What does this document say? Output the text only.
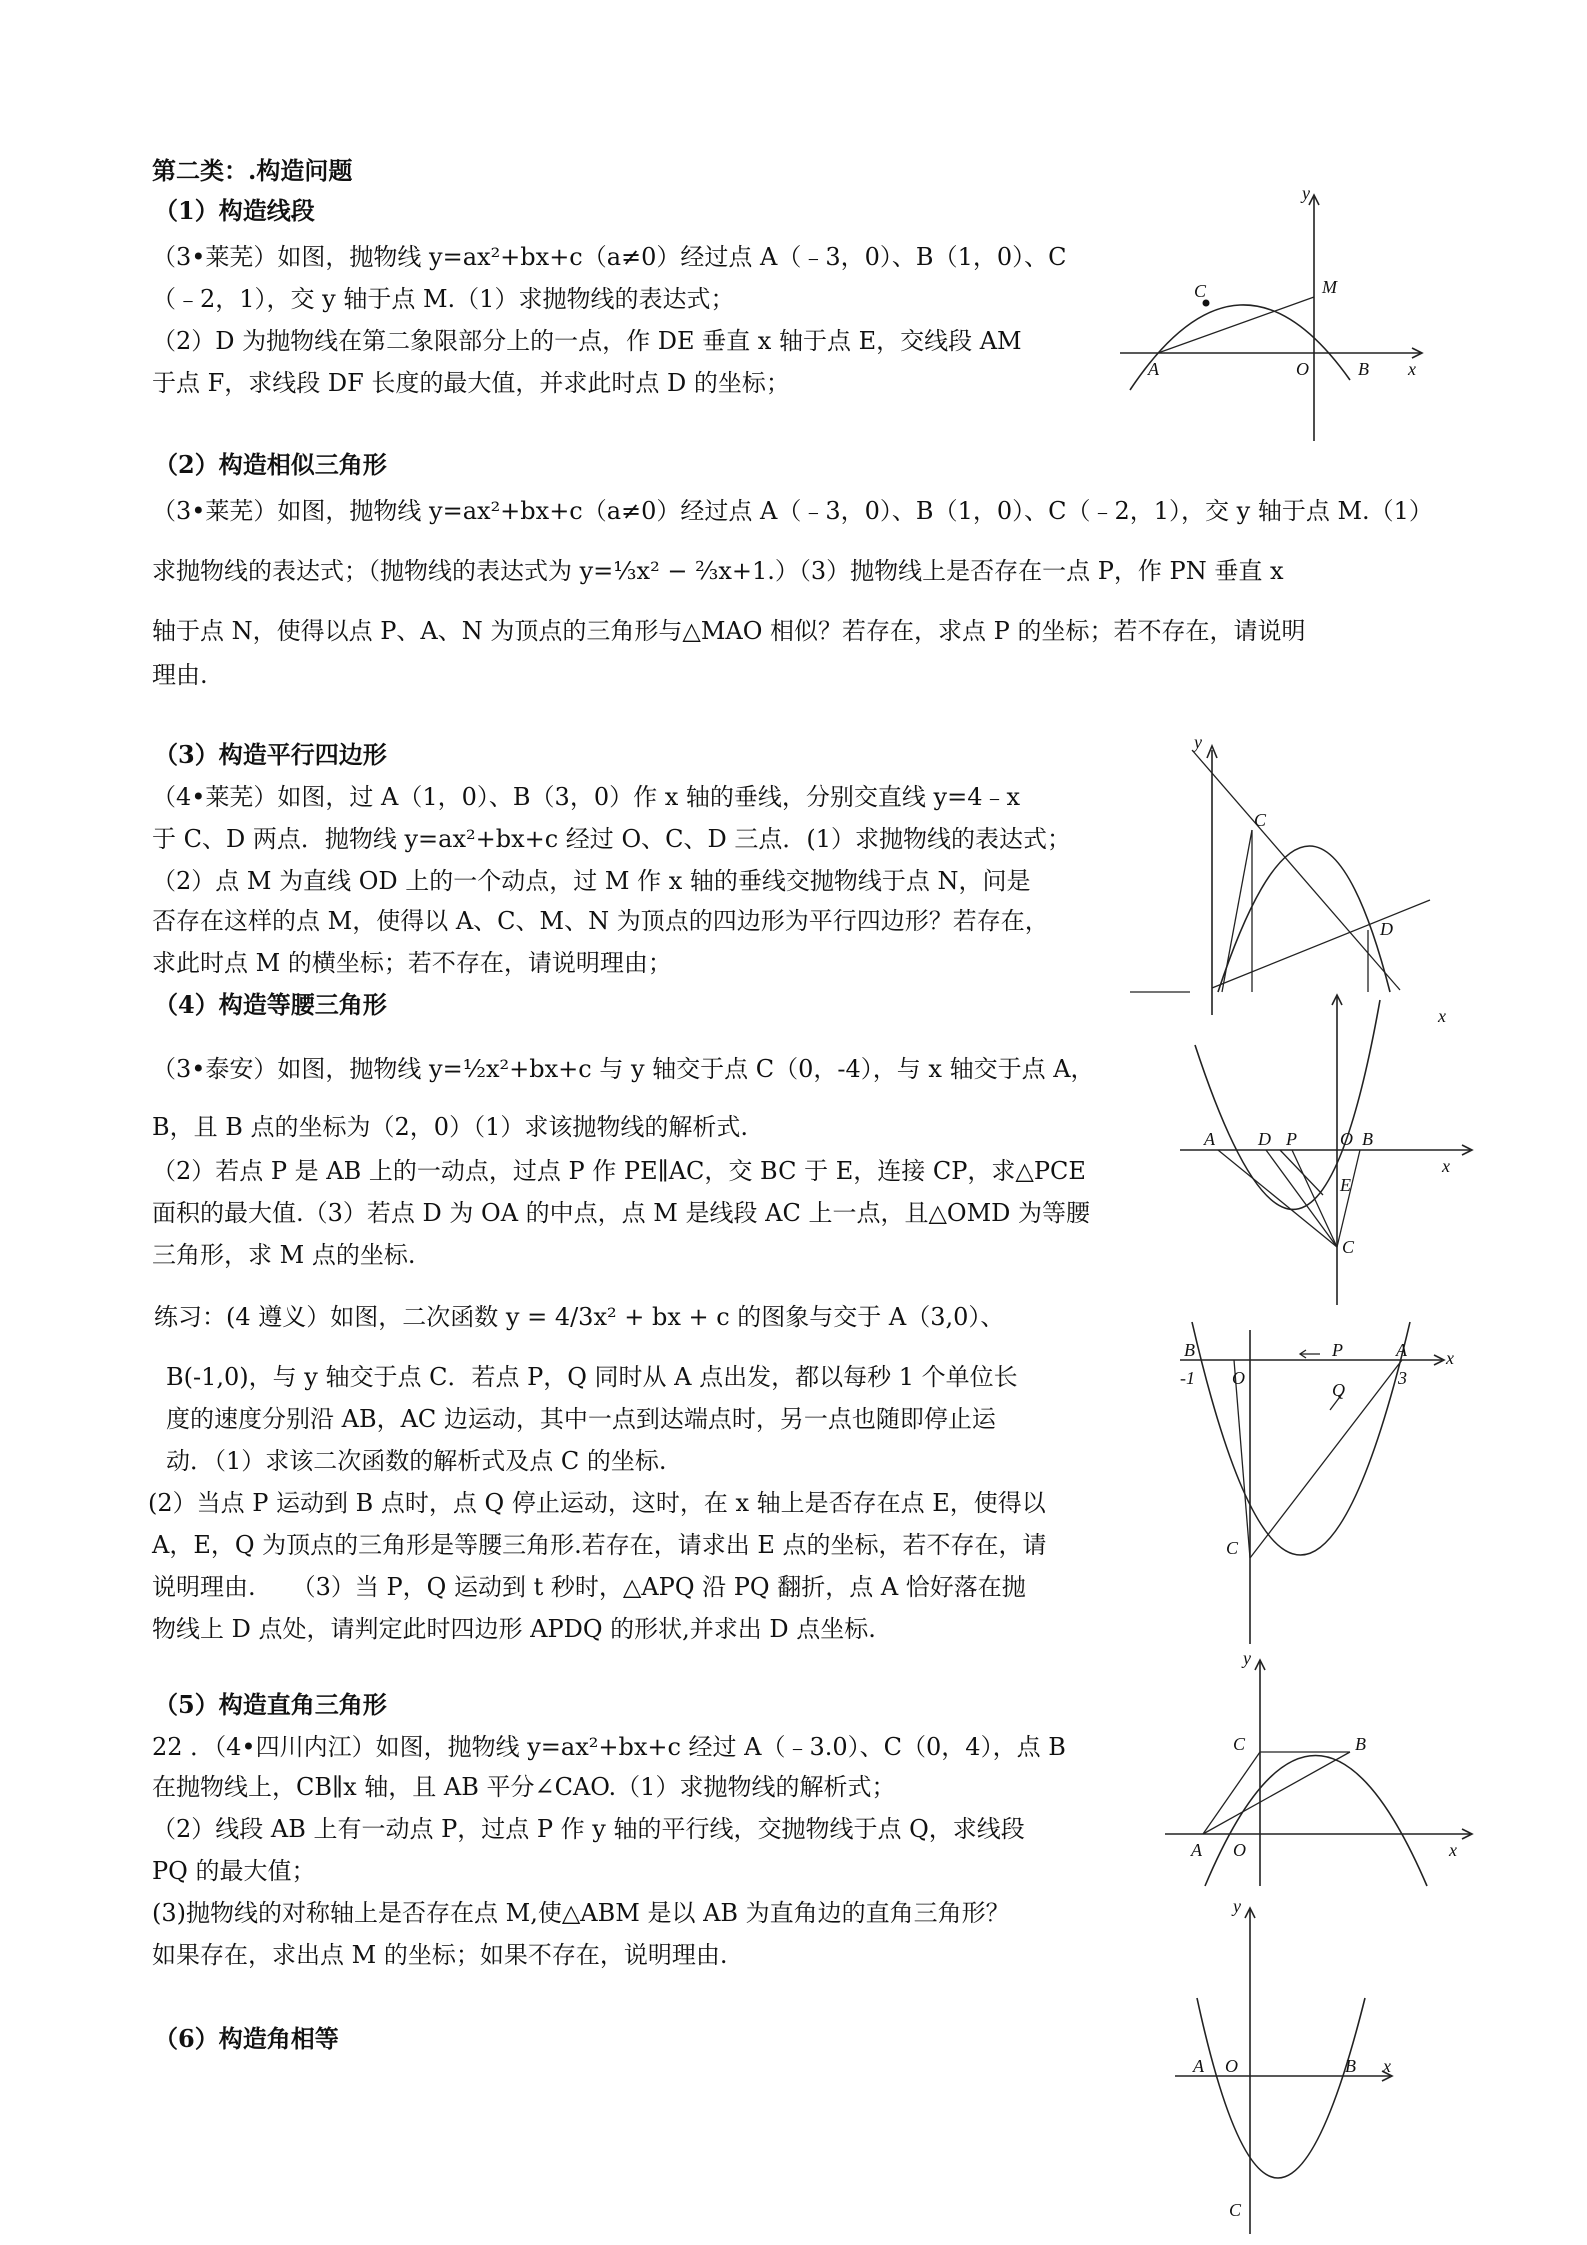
第二类：.构造问题
（1）构造线段
（3•莱芜）如图，抛物线 y=ax²+bx+c（a≠0）经过点 A（﹣3，0）、B（1，0）、C
（﹣2，1），交 y 轴于点 M.（1）求抛物线的表达式；
（2）D 为抛物线在第二象限部分上的一点，作 DE 垂直 x 轴于点 E，交线段 AM
于点 F，求线段 DF 长度的最大值，并求此时点 D 的坐标；
（2）构造相似三角形
（3•莱芜）如图，抛物线 y=ax²+bx+c（a≠0）经过点 A（﹣3，0）、B（1，0）、C（﹣2，1），交 y 轴于点 M.（1）
求抛物线的表达式；（抛物线的表达式为 y=⅓x² − ⅔x+1.）（3）抛物线上是否存在一点 P，作 PN 垂直 x
轴于点 N，使得以点 P、A、N 为顶点的三角形与△MAO 相似？若存在，求点 P 的坐标；若不存在，请说明
理由.
（3）构造平行四边形
（4•莱芜）如图，过 A（1，0）、B（3，0）作 x 轴的垂线，分别交直线 y=4﹣x
于 C、D 两点．抛物线 y=ax²+bx+c 经过 O、C、D 三点．(1）求抛物线的表达式；
（2）点 M 为直线 OD 上的一个动点，过 M 作 x 轴的垂线交抛物线于点 N，问是
否存在这样的点 M，使得以 A、C、M、N 为顶点的四边形为平行四边形？若存在，
求此时点 M 的横坐标；若不存在，请说明理由；
（4）构造等腰三角形
（3•泰安）如图，抛物线 y=½x²+bx+c 与 y 轴交于点 C（0，-4），与 x 轴交于点 A，
B，且 B 点的坐标为（2，0）（1）求该抛物线的解析式.
（2）若点 P 是 AB 上的一动点，过点 P 作 PE∥AC，交 BC 于 E，连接 CP，求△PCE
面积的最大值.（3）若点 D 为 OA 的中点，点 M 是线段 AC 上一点，且△OMD 为等腰
三角形，求 M 点的坐标.
练习：(4 遵义）如图，二次函数 y = 4/3x² + bx + c 的图象与交于 A（3,0）、
B(-1,0)，与 y 轴交于点 C．若点 P，Q 同时从 A 点出发，都以每秒 1 个单位长
度的速度分别沿 AB，AC 边运动，其中一点到达端点时，另一点也随即停止运
动．（1）求该二次函数的解析式及点 C 的坐标.
(2）当点 P 运动到 B 点时，点 Q 停止运动，这时，在 x 轴上是否存在点 E，使得以
A，E，Q 为顶点的三角形是等腰三角形.若存在，请求出 E 点的坐标，若不存在，请
说明理由.　　（3）当 P，Q 运动到 t 秒时，△APQ 沿 PQ 翻折，点 A 恰好落在抛
物线上 D 点处，请判定此时四边形 APDQ 的形状,并求出 D 点坐标.
（5）构造直角三角形
22 ．（4•四川内江）如图，抛物线 y=ax²+bx+c 经过 A（﹣3.0）、C（0，4），点 B
在抛物线上，CB∥x 轴，且 AB 平分∠CAO.（1）求抛物线的解析式；
（2）线段 AB 上有一动点 P，过点 P 作 y 轴的平行线，交抛物线于点 Q，求线段
PQ 的最大值；
(3)抛物线的对称轴上是否存在点 M,使△ABM 是以 AB 为直角边的直角三角形？
如果存在，求出点 M 的坐标；如果不存在，说明理由.
（6）构造角相等
y
x
C	M
A	O	B
y
C
D
x
A D P O B
E
C
x
B
-1 O
P	A x
Q
3
C
y
C	B
A O	x
y
A O	B x
C
